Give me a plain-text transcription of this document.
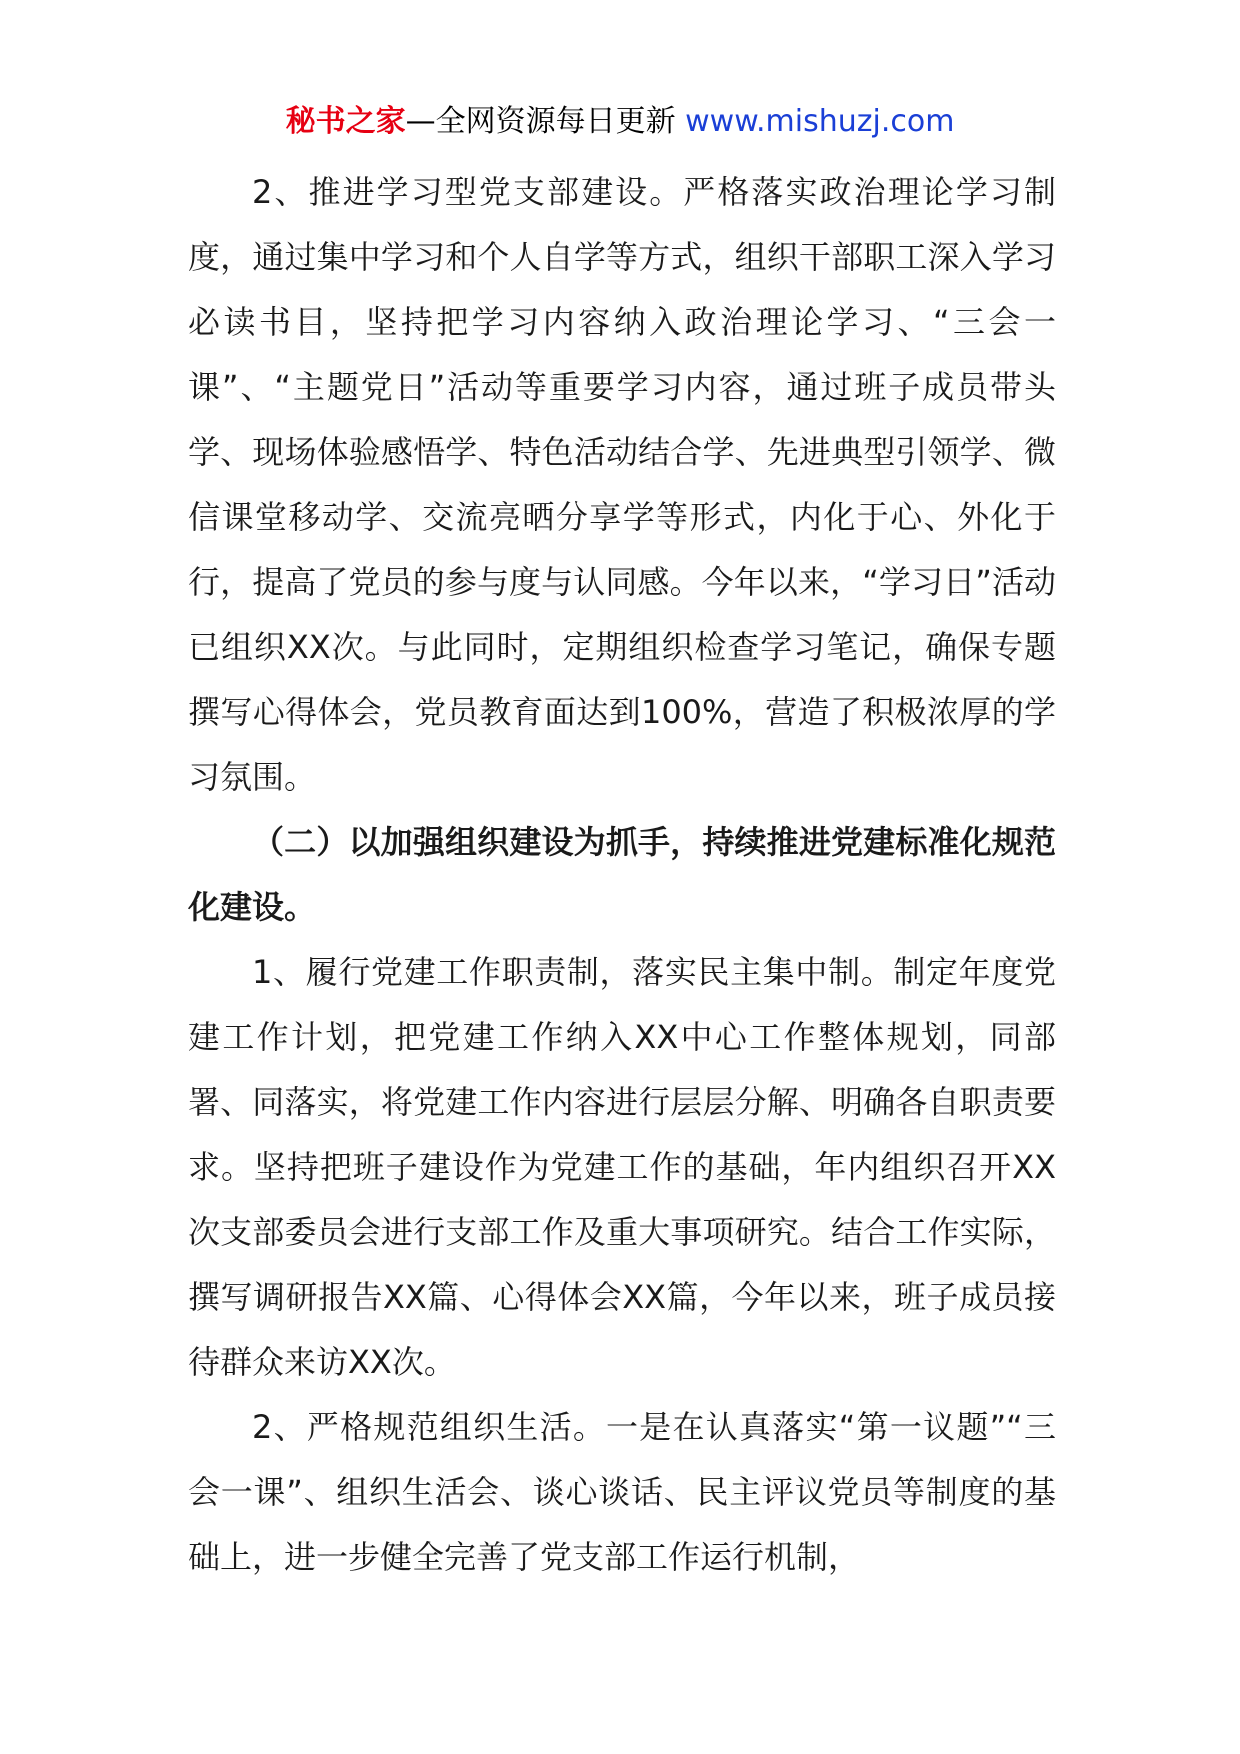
秘书之家—全网资源每日更新 www.mishuzj.com

2、推进学习型党支部建设。严格落实政治理论学习制度，通过集中学习和个人自学等方式，组织干部职工深入学习必读书目，坚持把学习内容纳入政治理论学习、“三会一课”、“主题党日”活动等重要学习内容，通过班子成员带头学、现场体验感悟学、特色活动结合学、先进典型引领学、微信课堂移动学、交流亮晒分享学等形式，内化于心、外化于行，提高了党员的参与度与认同感。今年以来，“学习日”活动已组织XX次。与此同时，定期组织检查学习笔记，确保专题撰写心得体会，党员教育面达到100%，营造了积极浓厚的学习氛围。

（二）以加强组织建设为抓手，持续推进党建标准化规范化建设。

1、履行党建工作职责制，落实民主集中制。制定年度党建工作计划，把党建工作纳入XX中心工作整体规划，同部署、同落实，将党建工作内容进行层层分解、明确各自职责要求。坚持把班子建设作为党建工作的基础，年内组织召开XX次支部委员会进行支部工作及重大事项研究。结合工作实际，撰写调研报告XX篇、心得体会XX篇，今年以来，班子成员接待群众来访XX次。

2、严格规范组织生活。一是在认真落实“第一议题”“三会一课”、组织生活会、谈心谈话、民主评议党员等制度的基础上，进一步健全完善了党支部工作运行机制，
